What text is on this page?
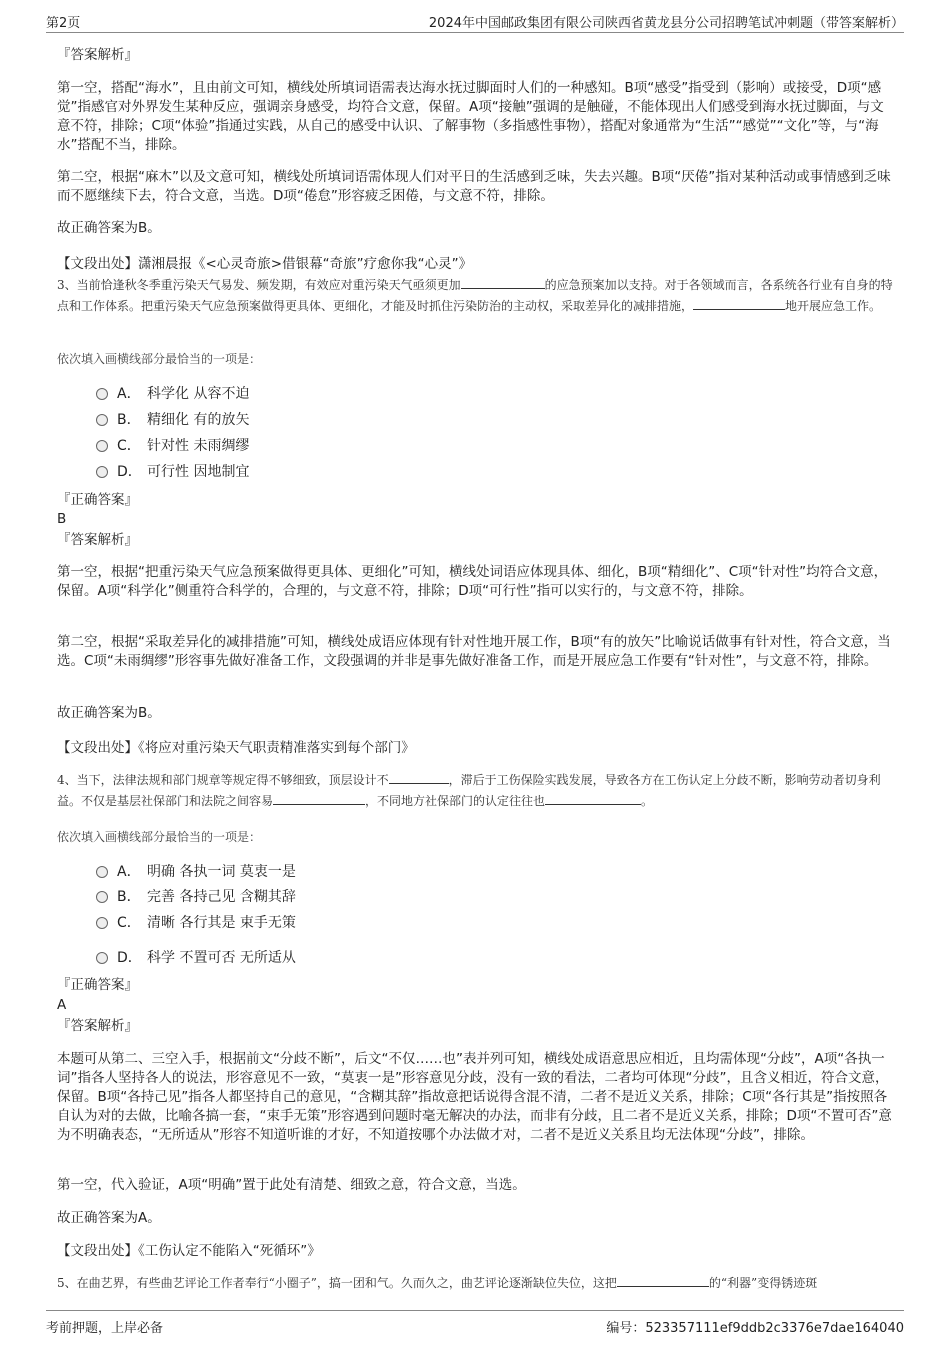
第2页	2024年中国邮政集团有限公司陕西省黄龙县分公司招聘笔试冲刺题（带答案解析）
『答案解析』
第一空，搭配“海水”，且由前文可知，横线处所填词语需表达海水抚过脚面时人们的一种感知。B项“感受”指受到（影响）或接受，D项“感觉”指感官对外界发生某种反应，强调亲身感受，均符合文意，保留。A项“接触”强调的是触碰，不能体现出人们感受到海水抚过脚面，与文意不符，排除；C项“体验”指通过实践，从自己的感受中认识、了解事物（多指感性事物），搭配对象通常为“生活”“感觉”“文化”等，与“海水”搭配不当，排除。
第二空，根据“麻木”以及文意可知，横线处所填词语需体现人们对平日的生活感到乏味，失去兴趣。B项“厌倦”指对某种活动或事情感到乏味而不愿继续下去，符合文意，当选。D项“倦怠”形容疲乏困倦，与文意不符，排除。
故正确答案为B。
【文段出处】潇湘晨报《<心灵奇旅>借银幕“奇旅”疗愈你我“心灵”》
3、当前恰逢秋冬季重污染天气易发、频发期，有效应对重污染天气亟须更加	的应急预案加以支持。对于各领域而言，各系统各行业有自身的特点和工作体系。把重污染天气应急预案做得更具体、更细化，才能及时抓住污染防治的主动权，采取差异化的减排措施，	地开展应急工作。
依次填入画横线部分最恰当的一项是：
A． 科学化 从容不迫
B． 精细化 有的放矢
C． 针对性 未雨绸缪
D． 可行性 因地制宜
『正确答案』
B
『答案解析』
第一空，根据“把重污染天气应急预案做得更具体、更细化”可知，横线处词语应体现具体、细化，B项“精细化”、C项“针对性”均符合文意，保留。A项“科学化”侧重符合科学的，合理的，与文意不符，排除；D项“可行性”指可以实行的，与文意不符，排除。
第二空，根据“采取差异化的减排措施”可知，横线处成语应体现有针对性地开展工作，B项“有的放矢”比喻说话做事有针对性，符合文意，当选。C项“未雨绸缪”形容事先做好准备工作，文段强调的并非是事先做好准备工作，而是开展应急工作要有“针对性”，与文意不符，排除。
故正确答案为B。
【文段出处】《将应对重污染天气职责精准落实到每个部门》
4、当下，法律法规和部门规章等规定得不够细致，顶层设计不	，滞后于工伤保险实践发展，导致各方在工伤认定上分歧不断，影响劳动者切身利益。不仅是基层社保部门和法院之间容易	，不同地方社保部门的认定往往也	。
依次填入画横线部分最恰当的一项是：
A． 明确 各执一词 莫衷一是
B． 完善 各持己见 含糊其辞
C． 清晰 各行其是 束手无策
D． 科学 不置可否 无所适从
『正确答案』
A
『答案解析』
本题可从第二、三空入手，根据前文“分歧不断”，后文“不仅……也”表并列可知，横线处成语意思应相近，且均需体现“分歧”，A项“各执一词”指各人坚持各人的说法，形容意见不一致，“莫衷一是”形容意见分歧，没有一致的看法，二者均可体现“分歧”，且含义相近，符合文意，保留。B项“各持己见”指各人都坚持自己的意见，“含糊其辞”指故意把话说得含混不清，二者不是近义关系，排除；C项“各行其是”指按照各自认为对的去做，比喻各搞一套，“束手无策”形容遇到问题时毫无解决的办法，而非有分歧，且二者不是近义关系，排除；D项“不置可否”意为不明确表态，“无所适从”形容不知道听谁的才好，不知道按哪个办法做才对，二者不是近义关系且均无法体现“分歧”，排除。
第一空，代入验证，A项“明确”置于此处有清楚、细致之意，符合文意，当选。
故正确答案为A。
【文段出处】《工伤认定不能陷入“死循环”》
5、在曲艺界，有些曲艺评论工作者奉行“小圈子”，搞一团和气。久而久之，曲艺评论逐渐缺位失位，这把	的“利器”变得锈迹斑
考前押题，上岸必备	编号：523357111ef9ddb2c3376e7dae164040
